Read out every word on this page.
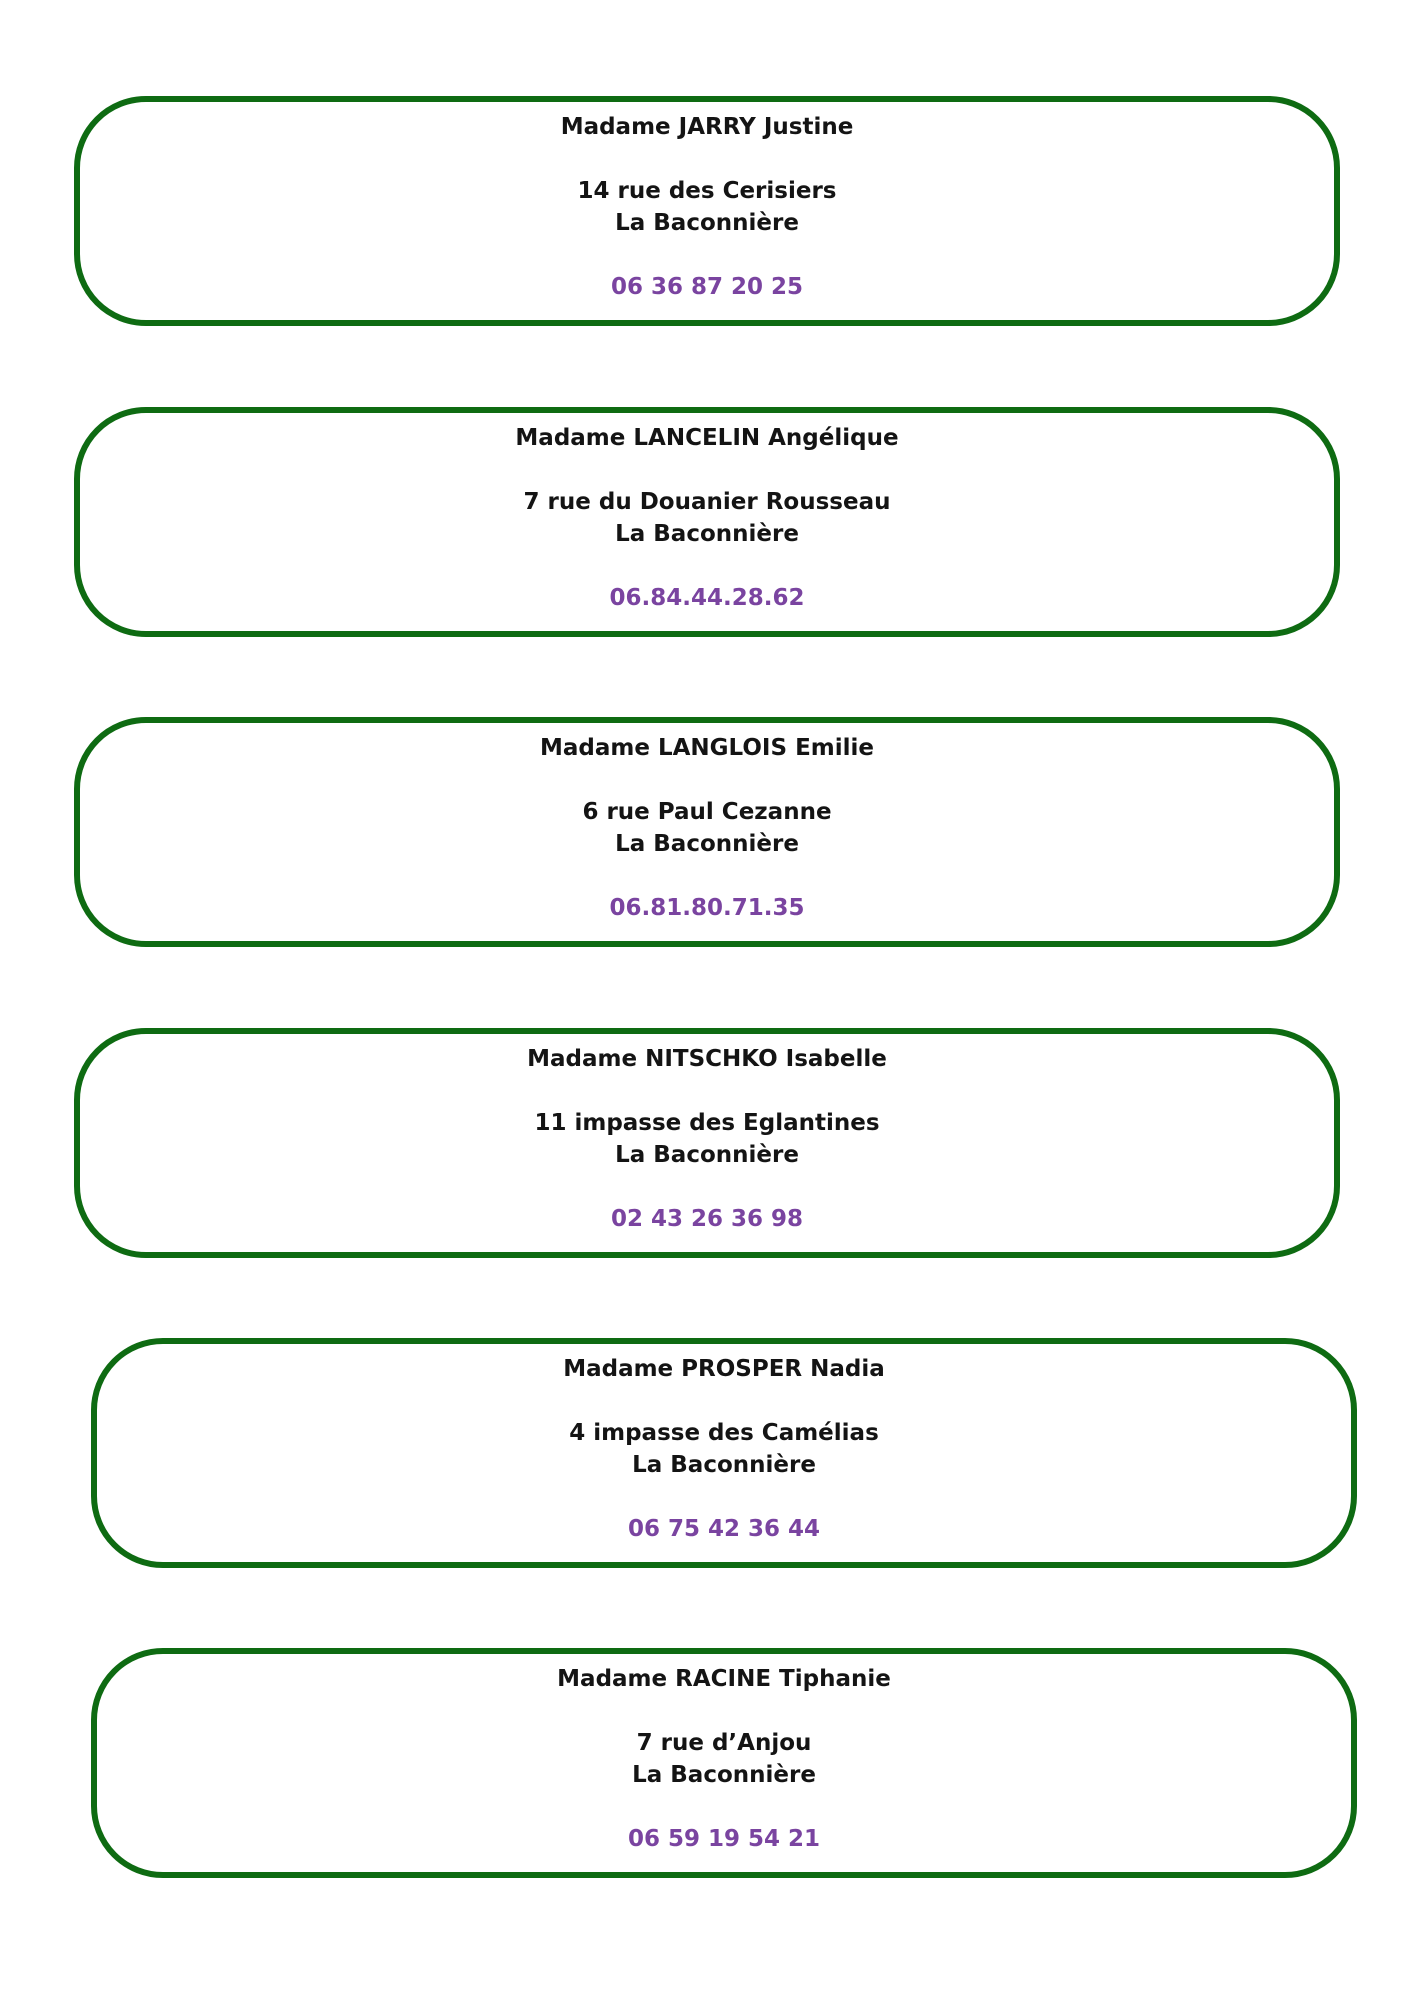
Madame JARRY Justine
14 rue des Cerisiers
La Baconnière
06 36 87 20 25
Madame LANCELIN Angélique
7 rue du Douanier Rousseau
La Baconnière
06.84.44.28.62
Madame LANGLOIS Emilie
6 rue Paul Cezanne
La Baconnière
06.81.80.71.35
Madame NITSCHKO Isabelle
11 impasse des Eglantines
La Baconnière
02 43 26 36 98
Madame PROSPER Nadia
4 impasse des Camélias
La Baconnière
06 75 42 36 44
Madame RACINE Tiphanie
7 rue d’Anjou
La Baconnière
06 59 19 54 21
